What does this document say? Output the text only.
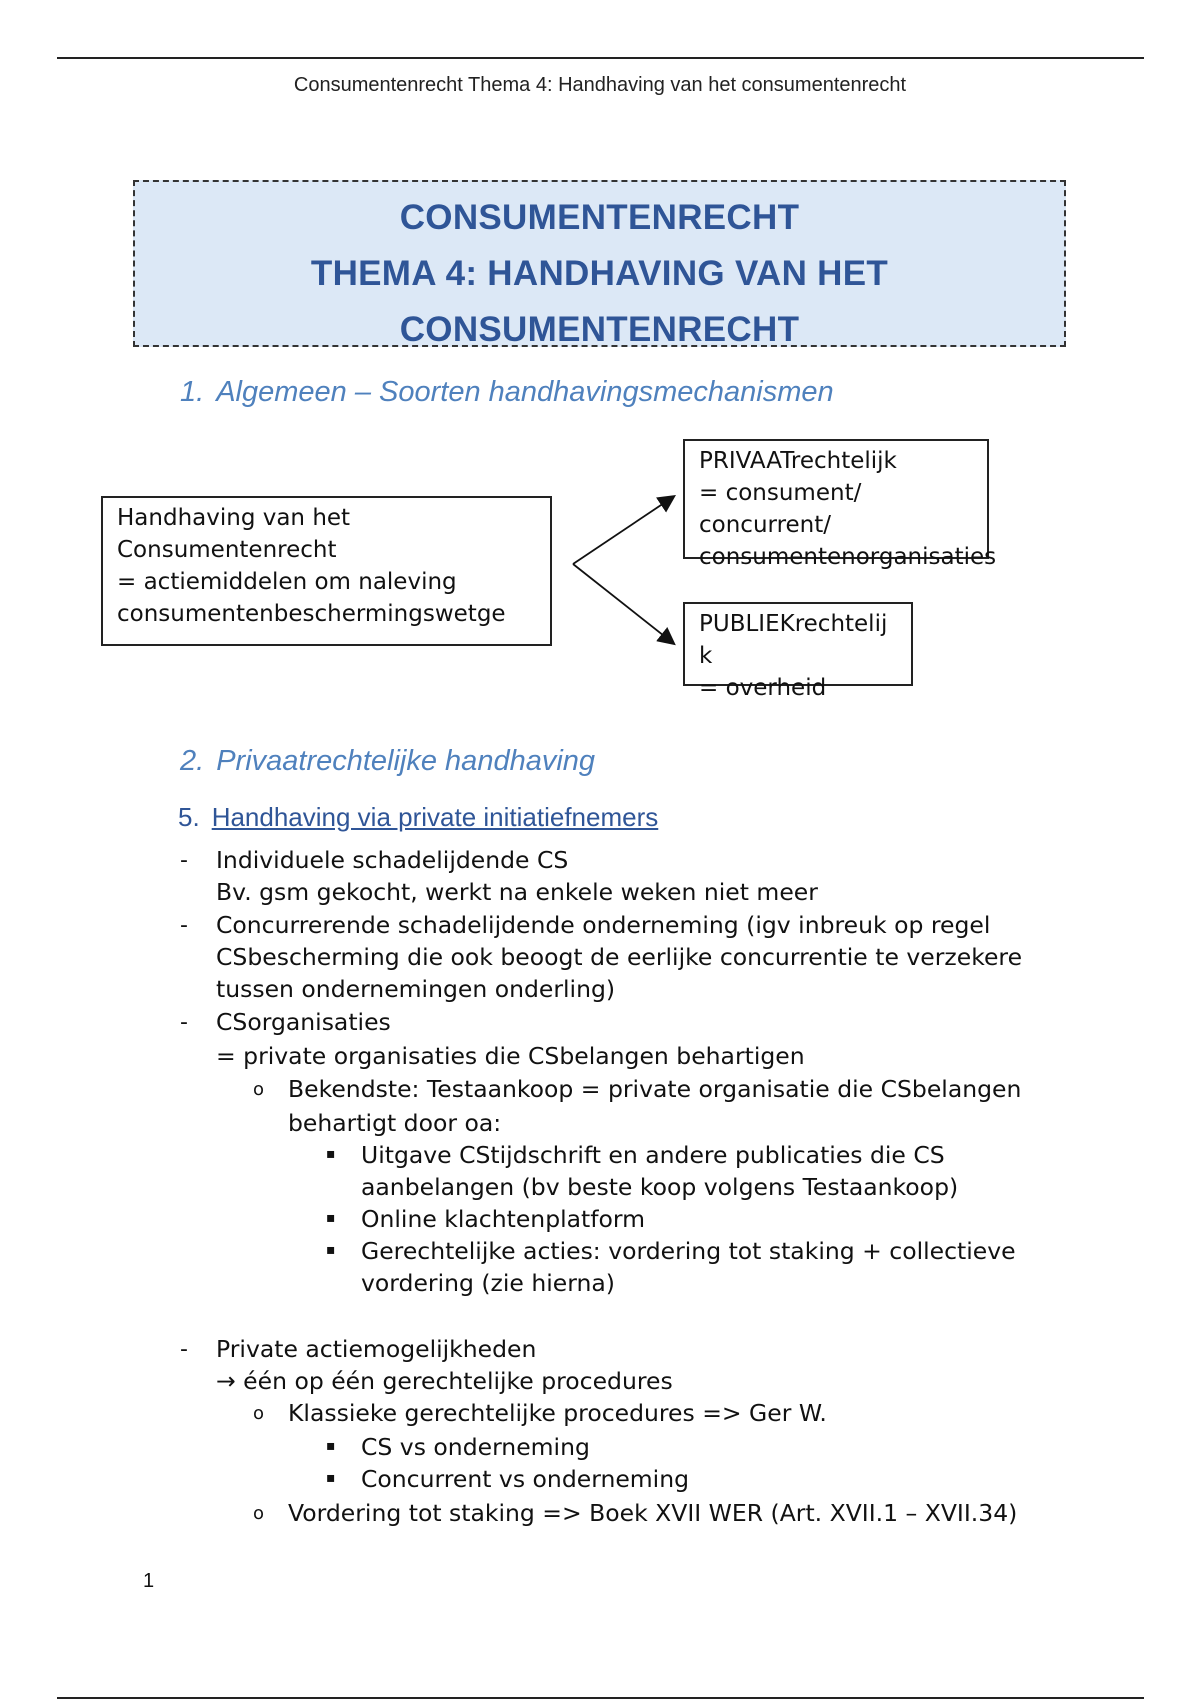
Consumentenrecht Thema 4: Handhaving van het consumentenrecht
CONSUMENTENRECHT
THEMA 4: HANDHAVING VAN HET
CONSUMENTENRECHT
1. Algemeen – Soorten handhavingsmechanismen
Handhaving van het
Consumentenrecht
= actiemiddelen om naleving
consumentenbeschermingswetge
PRIVAATrechtelijk
= consument/
concurrent/
consumentenorganisaties
PUBLIEKrechtelij
k
= overheid
2. Privaatrechtelijke handhaving
5. Handhaving via private initiatiefnemers
- Individuele schadelijdende CS
Bv. gsm gekocht, werkt na enkele weken niet meer
- Concurrerende schadelijdende onderneming (igv inbreuk op regel
CSbescherming die ook beoogt de eerlijke concurrentie te verzekere
tussen ondernemingen onderling)
- CSorganisaties
= private organisaties die CSbelangen behartigen
o Bekendste: Testaankoop = private organisatie die CSbelangen
behartigt door oa:
▪ Uitgave CStijdschrift en andere publicaties die CS
aanbelangen (bv beste koop volgens Testaankoop)
▪ Online klachtenplatform
▪ Gerechtelijke acties: vordering tot staking + collectieve
vordering (zie hierna)
- Private actiemogelijkheden
→ één op één gerechtelijke procedures
o Klassieke gerechtelijke procedures => Ger W.
▪ CS vs onderneming
▪ Concurrent vs onderneming
o Vordering tot staking => Boek XVII WER (Art. XVII.1 – XVII.34)
1
